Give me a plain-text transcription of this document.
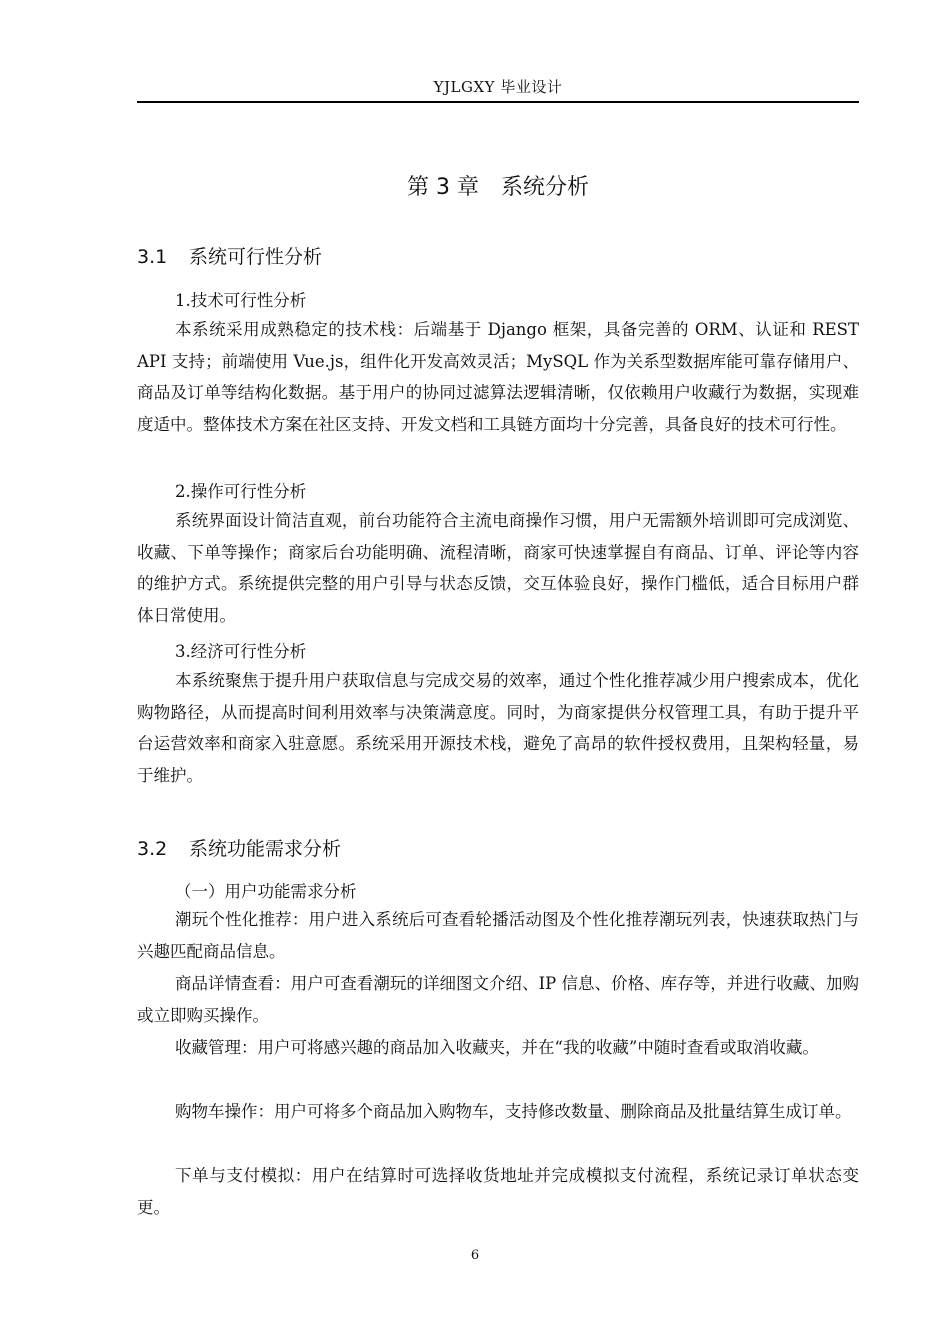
YJLGXY 毕业设计
第 3 章　系统分析
3.1 系统可行性分析
1.技术可行性分析

本系统采用成熟稳定的技术栈：后端基于 Django 框架，具备完善的 ORM、认证和 REST API 支持；前端使用 Vue.js，组件化开发高效灵活；MySQL 作为关系型数据库能可靠存储用户、商品及订单等结构化数据。基于用户的协同过滤算法逻辑清晰，仅依赖用户收藏行为数据，实现难度适中。整体技术方案在社区支持、开发文档和工具链方面均十分完善，具备良好的技术可行性。

2.操作可行性分析

系统界面设计简洁直观，前台功能符合主流电商操作习惯，用户无需额外培训即可完成浏览、收藏、下单等操作；商家后台功能明确、流程清晰，商家可快速掌握自有商品、订单、评论等内容的维护方式。系统提供完整的用户引导与状态反馈，交互体验良好，操作门槛低，适合目标用户群体日常使用。

3.经济可行性分析

本系统聚焦于提升用户获取信息与完成交易的效率，通过个性化推荐减少用户搜索成本，优化购物路径，从而提高时间利用效率与决策满意度。同时，为商家提供分权管理工具，有助于提升平台运营效率和商家入驻意愿。系统采用开源技术栈，避免了高昂的软件授权费用，且架构轻量，易于维护。

3.2 系统功能需求分析
（一）用户功能需求分析

潮玩个性化推荐：用户进入系统后可查看轮播活动图及个性化推荐潮玩列表，快速获取热门与兴趣匹配商品信息。

商品详情查看：用户可查看潮玩的详细图文介绍、IP 信息、价格、库存等，并进行收藏、加购或立即购买操作。

收藏管理：用户可将感兴趣的商品加入收藏夹，并在“我的收藏”中随时查看或取消收藏。

购物车操作：用户可将多个商品加入购物车，支持修改数量、删除商品及批量结算生成订单。

下单与支付模拟：用户在结算时可选择收货地址并完成模拟支付流程，系统记录订单状态变更。

6
